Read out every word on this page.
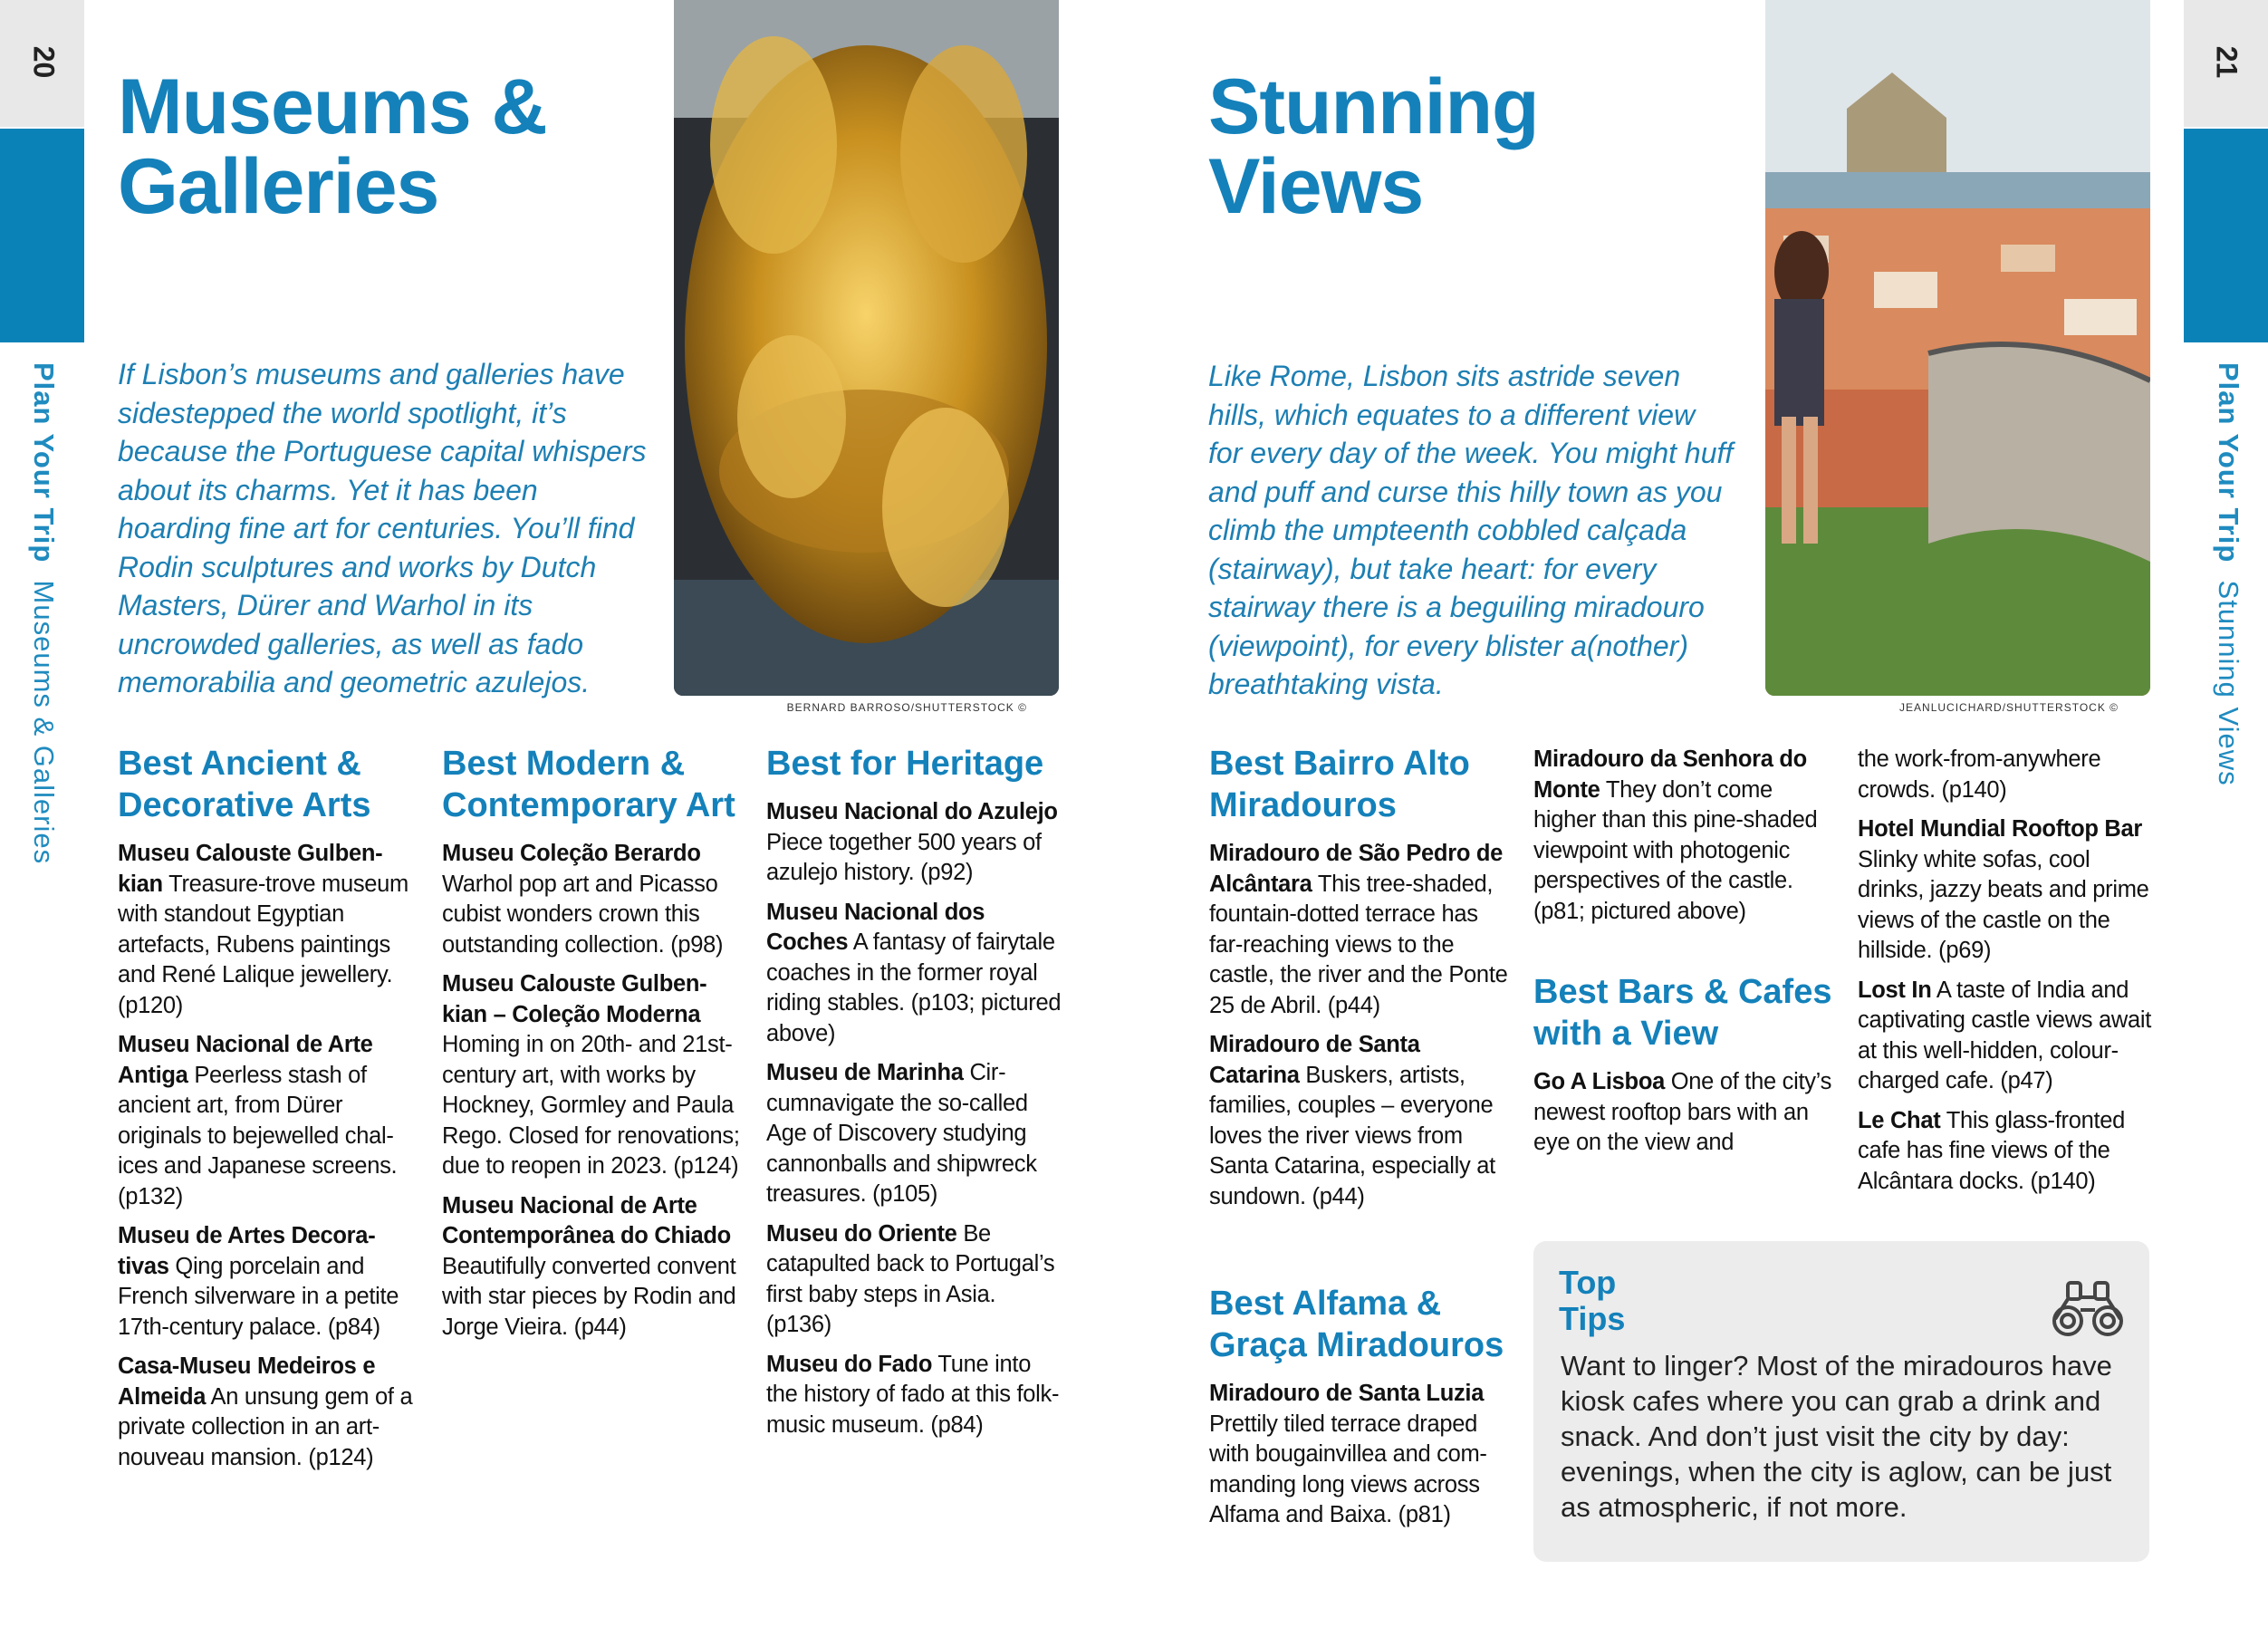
20
Plan Your Trip  Museums & Galleries
21
Plan Your Trip  Stunning Views
Museums &
Galleries
If Lisbon’s museums and galleries have sidestepped the world spotlight, it’s because the Portuguese capital whispers about its charms. Yet it has been hoarding fine art for centuries. You’ll find Rodin sculptures and works by Dutch Masters, Dürer and Warhol in its uncrowded galleries, as well as fado memorabilia and geometric azulejos.
BERNARD BARROSO/SHUTTERSTOCK ©
Best Ancient & Decorative Arts

Museu Calouste Gulbenkian Treasure-trove museum with standout Egyptian artefacts, Rubens paintings and René Lalique jewellery. (p120)

Museu Nacional de Arte Antiga Peerless stash of ancient art, from Dürer originals to bejewelled chalices and Japanese screens. (p132)

Museu de Artes Decorativas Qing porcelain and French silverware in a petite 17th-century palace. (p84)

Casa-Museu Medeiros e Almeida An unsung gem of a private collection in an art-nouveau mansion. (p124)

Best Modern & Contemporary Art

Museu Coleção Berardo Warhol pop art and Picasso cubist wonders crown this outstanding collection. (p98)

Museu Calouste Gulbenkian – Coleção Moderna Homing in on 20th- and 21st-century art, with works by Hockney, Gormley and Paula Rego. Closed for renovations; due to reopen in 2023. (p124)

Museu Nacional de Arte Contemporânea do Chiado Beautifully converted convent with star pieces by Rodin and Jorge Vieira. (p44)

Best for Heritage

Museu Nacional do Azulejo Piece together 500 years of azulejo history. (p92)

Museu Nacional dos Coches A fantasy of fairytale coaches in the former royal riding stables. (p103; pictured above)

Museu de Marinha Circumnavigate the so-called Age of Discovery studying cannonballs and shipwreck treasures. (p105)

Museu do Oriente Be catapulted back to Portugal’s first baby steps in Asia. (p136)

Museu do Fado Tune into the history of fado at this folk-music museum. (p84)

Stunning
Views
Like Rome, Lisbon sits astride seven hills, which equates to a different view for every day of the week. You might huff and puff and curse this hilly town as you climb the umpteenth cobbled calçada (stairway), but take heart: for every stairway there is a beguiling miradouro (viewpoint), for every blister a(nother) breathtaking vista.
JEANLUCICHARD/SHUTTERSTOCK ©
Best Bairro Alto Miradouros

Miradouro de São Pedro de Alcântara This tree-shaded, fountain-dotted terrace has far-reaching views to the castle, the river and the Ponte 25 de Abril. (p44)

Miradouro de Santa Catarina Buskers, artists, families, couples – everyone loves the river views from Santa Catarina, especially at sundown. (p44)

Best Alfama & Graça Miradouros

Miradouro de Santa Luzia Prettily tiled terrace draped with bougainvillea and commanding long views across Alfama and Baixa. (p81)

Miradouro da Senhora do Monte They don’t come higher than this pine-shaded viewpoint with photogenic perspectives of the castle. (p81; pictured above)

Best Bars & Cafes with a View

Go A Lisboa One of the city’s newest rooftop bars with an eye on the view and

the work-from-anywhere crowds. (p140)

Hotel Mundial Rooftop Bar Slinky white sofas, cool drinks, jazzy beats and prime views of the castle on the hillside. (p69)

Lost In A taste of India and captivating castle views await at this well-hidden, colour-charged cafe. (p47)

Le Chat This glass-fronted cafe has fine views of the Alcântara docks. (p140)

Top
Tips

Want to linger? Most of the miradouros have kiosk cafes where you can grab a drink and snack. And don’t just visit the city by day: evenings, when the city is aglow, can be just as atmospheric, if not more.
